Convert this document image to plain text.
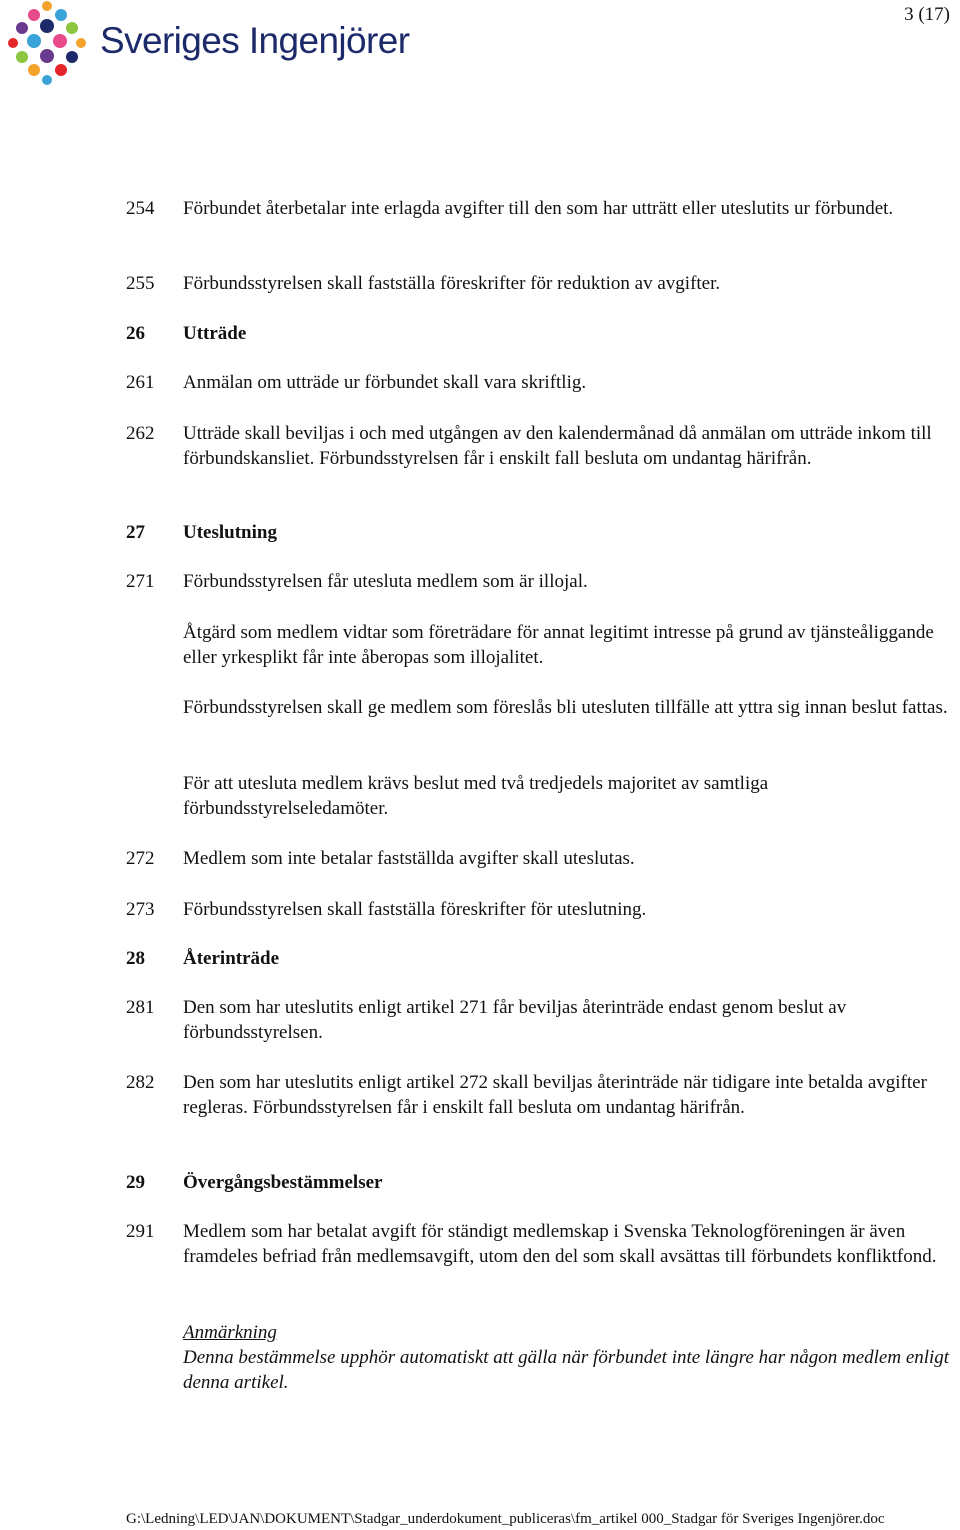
Sveriges Ingenjörer
3 (17)
254	Förbundet återbetalar inte erlagda avgifter till den som har utträtt eller uteslutits ur förbundet.
255	Förbundsstyrelsen skall fastställa föreskrifter för reduktion av avgifter.
26	Utträde
261	Anmälan om utträde ur förbundet skall vara skriftlig.
262	Utträde skall beviljas i och med utgången av den kalendermånad då anmälan om utträde inkom till förbundskansliet. Förbundsstyrelsen får i enskilt fall besluta om undantag härifrån.
27	Uteslutning
271	Förbundsstyrelsen får utesluta medlem som är illojal.
Åtgärd som medlem vidtar som företrädare för annat legitimt intresse på grund av tjänsteåliggande eller yrkesplikt får inte åberopas som illojalitet.
Förbundsstyrelsen skall ge medlem som föreslås bli utesluten tillfälle att yttra sig innan beslut fattas.
För att utesluta medlem krävs beslut med två tredjedels majoritet av samtliga förbundsstyrelseledamöter.
272	Medlem som inte betalar fastställda avgifter skall uteslutas.
273	Förbundsstyrelsen skall fastställa föreskrifter för uteslutning.
28	Återinträde
281	Den som har uteslutits enligt artikel 271 får beviljas återinträde endast genom beslut av förbundsstyrelsen.
282	Den som har uteslutits enligt artikel 272 skall beviljas återinträde när tidigare inte betalda avgifter regleras. Förbundsstyrelsen får i enskilt fall besluta om undantag härifrån.
29	Övergångsbestämmelser
291	Medlem som har betalat avgift för ständigt medlemskap i Svenska Teknologföreningen är även framdeles befriad från medlemsavgift, utom den del som skall avsättas till förbundets konfliktfond.
Anmärkning
Denna bestämmelse upphör automatiskt att gälla när förbundet inte längre har någon medlem enligt denna artikel.
G:\Ledning\LED\JAN\DOKUMENT\Stadgar_underdokument_publiceras\fm_artikel 000_Stadgar för Sveriges Ingenjörer.doc
